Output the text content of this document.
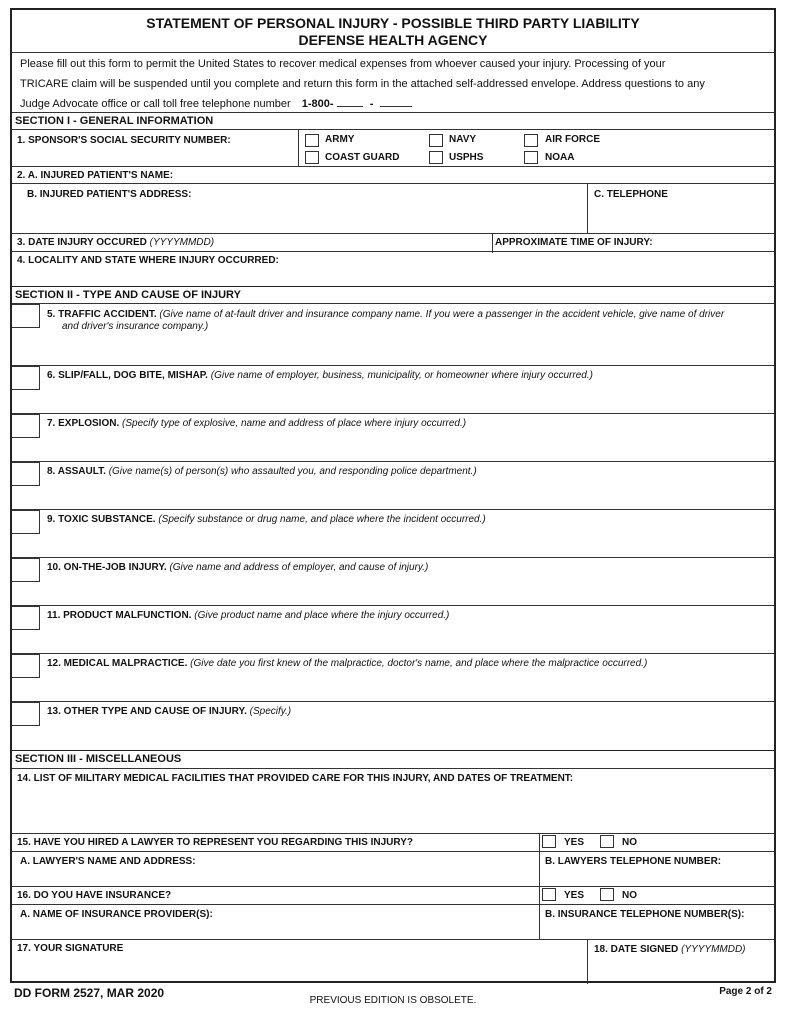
STATEMENT OF PERSONAL INJURY - POSSIBLE THIRD PARTY LIABILITY
DEFENSE HEALTH AGENCY
Please fill out this form to permit the United States to recover medical expenses from whoever caused your injury. Processing of your
TRICARE claim will be suspended until you complete and return this form in the attached self-addressed envelope. Address questions to any
Judge Advocate office or call toll free telephone number 1-800-	-
SECTION I - GENERAL INFORMATION
1. SPONSOR'S SOCIAL SECURITY NUMBER:	ARMY	NAVY	AIR FORCE
COAST GUARD	USPHS	NOAA
2. A. INJURED PATIENT'S NAME:
B. INJURED PATIENT'S ADDRESS:	C. TELEPHONE
3. DATE INJURY OCCURED (YYYYMMDD)	APPROXIMATE TIME OF INJURY:
4. LOCALITY AND STATE WHERE INJURY OCCURRED:
SECTION II - TYPE AND CAUSE OF INJURY
5. TRAFFIC ACCIDENT. (Give name of at-fault driver and insurance company name. If you were a passenger in the accident vehicle, give name of driver
and driver's insurance company.)
6. SLIP/FALL, DOG BITE, MISHAP. (Give name of employer, business, municipality, or homeowner where injury occurred.)
7. EXPLOSION. (Specify type of explosive, name and address of place where injury occurred.)
8. ASSAULT. (Give name(s) of person(s) who assaulted you, and responding police department.)
9. TOXIC SUBSTANCE. (Specify substance or drug name, and place where the incident occurred.)
10. ON-THE-JOB INJURY. (Give name and address of employer, and cause of injury.)
11. PRODUCT MALFUNCTION. (Give product name and place where the injury occurred.)
12. MEDICAL MALPRACTICE. (Give date you first knew of the malpractice, doctor's name, and place where the malpractice occurred.)
13. OTHER TYPE AND CAUSE OF INJURY. (Specify.)
SECTION III - MISCELLANEOUS
14. LIST OF MILITARY MEDICAL FACILITIES THAT PROVIDED CARE FOR THIS INJURY, AND DATES OF TREATMENT:
15. HAVE YOU HIRED A LAWYER TO REPRESENT YOU REGARDING THIS INJURY?	YES	NO
A. LAWYER'S NAME AND ADDRESS:	B. LAWYERS TELEPHONE NUMBER:
16. DO YOU HAVE INSURANCE?	YES	NO
A. NAME OF INSURANCE PROVIDER(S):	B. INSURANCE TELEPHONE NUMBER(S):
17. YOUR SIGNATURE	18. DATE SIGNED (YYYYMMDD)
DD FORM 2527, MAR 2020
PREVIOUS EDITION IS OBSOLETE.
Page 2 of 2
